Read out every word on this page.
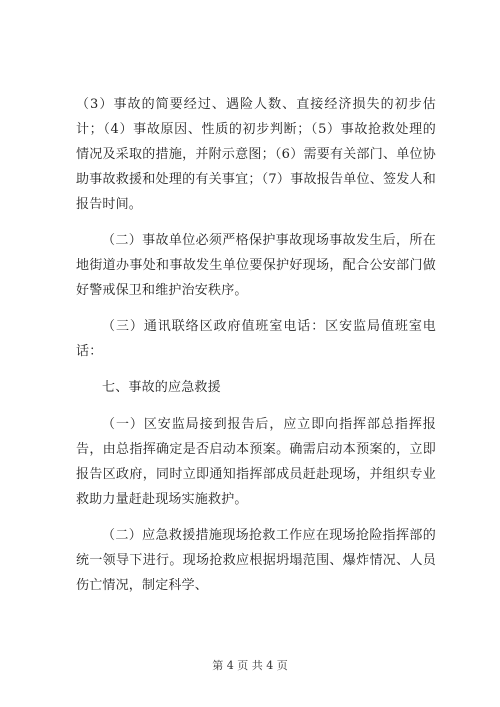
（3）事故的简要经过、遇险人数、直接经济损失的初步估计；（4）事故原因、性质的初步判断；（5）事故抢救处理的情况及采取的措施，并附示意图；（6）需要有关部门、单位协助事故救援和处理的有关事宜；（7）事故报告单位、签发人和报告时间。

（二）事故单位必须严格保护事故现场事故发生后，所在地街道办事处和事故发生单位要保护好现场，配合公安部门做好警戒保卫和维护治安秩序。

（三）通讯联络区政府值班室电话：区安监局值班室电话：

七、事故的应急救援

（一）区安监局接到报告后，应立即向指挥部总指挥报告，由总指挥确定是否启动本预案。确需启动本预案的，立即报告区政府，同时立即通知指挥部成员赶赴现场，并组织专业救助力量赶赴现场实施救护。

（二）应急救援措施现场抢救工作应在现场抢险指挥部的统一领导下进行。现场抢救应根据坍塌范围、爆炸情况、人员伤亡情况，制定科学、

第 4 页 共 4 页
